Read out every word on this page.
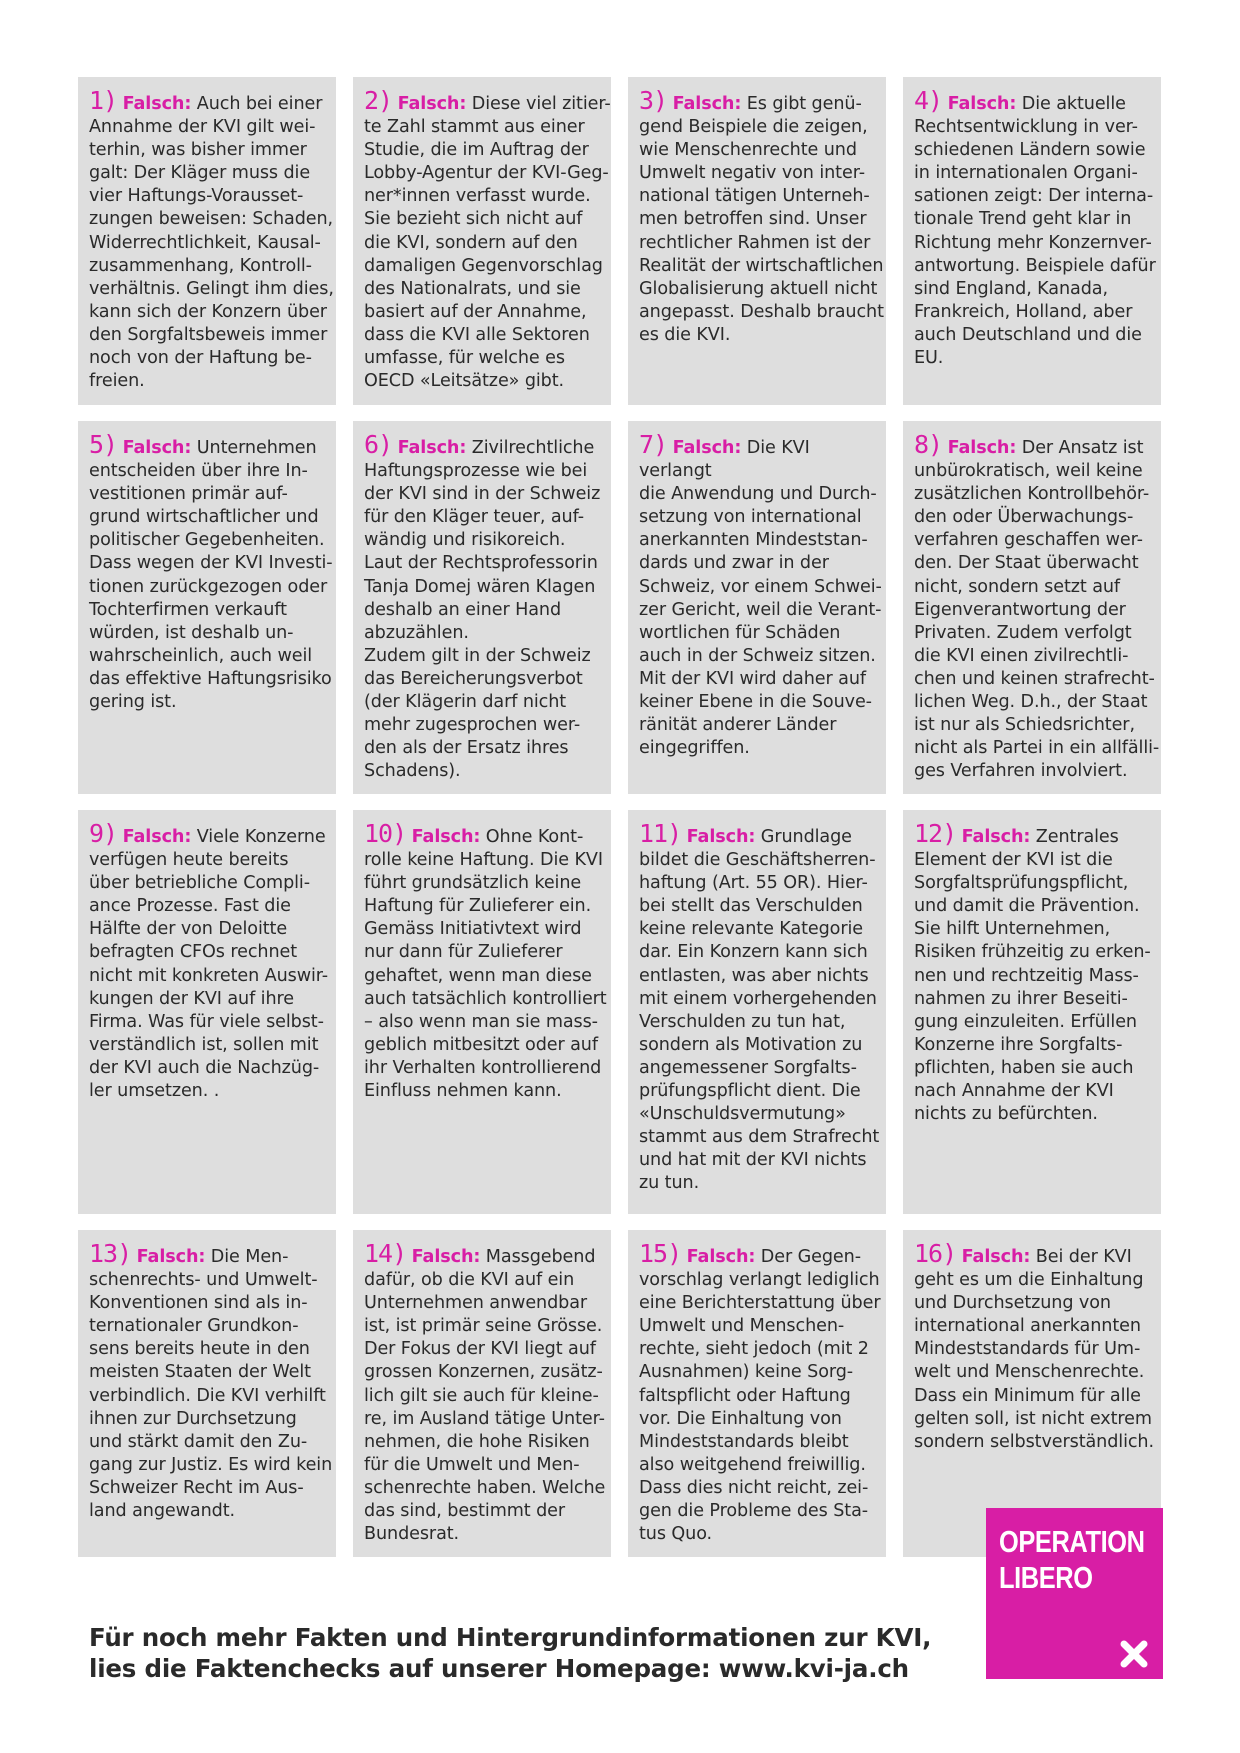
1) Falsch: Auch bei einer
Annahme der KVI gilt wei-
terhin, was bisher immer
galt: Der Kläger muss die
vier Haftungs-Vorausset-
zungen beweisen: Schaden,
Widerrechtlichkeit, Kausal-
zusammenhang, Kontroll-
verhältnis. Gelingt ihm dies,
kann sich der Konzern über
den Sorgfaltsbeweis immer
noch von der Haftung be-
freien.
2) Falsch: Diese viel zitier-
te Zahl stammt aus einer
Studie, die im Auftrag der
Lobby-Agentur der KVI-Geg-
ner*innen verfasst wurde.
Sie bezieht sich nicht auf
die KVI, sondern auf den
damaligen Gegenvorschlag
des Nationalrats, und sie
basiert auf der Annahme,
dass die KVI alle Sektoren
umfasse, für welche es
OECD «Leitsätze» gibt.
3) Falsch: Es gibt genü-
gend Beispiele die zeigen,
wie Menschenrechte und
Umwelt negativ von inter-
national tätigen Unterneh-
men betroffen sind. Unser
rechtlicher Rahmen ist der
Realität der wirtschaftlichen
Globalisierung aktuell nicht
angepasst. Deshalb braucht
es die KVI.
4) Falsch: Die aktuelle
Rechtsentwicklung in ver-
schiedenen Ländern sowie
in internationalen Organi-
sationen zeigt: Der interna-
tionale Trend geht klar in
Richtung mehr Konzernver-
antwortung. Beispiele dafür
sind England, Kanada,
Frankreich, Holland, aber
auch Deutschland und die
EU.
5) Falsch: Unternehmen
entscheiden über ihre In-
vestitionen primär auf-
grund wirtschaftlicher und
politischer Gegebenheiten.
Dass wegen der KVI Investi-
tionen zurückgezogen oder
Tochterfirmen verkauft
würden, ist deshalb un-
wahrscheinlich, auch weil
das effektive Haftungsrisiko
gering ist.
6) Falsch: Zivilrechtliche
Haftungsprozesse wie bei
der KVI sind in der Schweiz
für den Kläger teuer, auf-
wändig und risikoreich.
Laut der Rechtsprofessorin
Tanja Domej wären Klagen
deshalb an einer Hand
abzuzählen.
Zudem gilt in der Schweiz
das Bereicherungsverbot
(der Klägerin darf nicht
mehr zugesprochen wer-
den als der Ersatz ihres
Schadens).
7) Falsch: Die KVI verlangt
die Anwendung und Durch-
setzung von international
anerkannten Mindeststan-
dards und zwar in der
Schweiz, vor einem Schwei-
zer Gericht, weil die Verant-
wortlichen für Schäden
auch in der Schweiz sitzen.
Mit der KVI wird daher auf
keiner Ebene in die Souve-
ränität anderer Länder
eingegriffen.
8) Falsch: Der Ansatz ist
unbürokratisch, weil keine
zusätzlichen Kontrollbehör-
den oder Überwachungs-
verfahren geschaffen wer-
den. Der Staat überwacht
nicht, sondern setzt auf
Eigenverantwortung der
Privaten. Zudem verfolgt
die KVI einen zivilrechtli-
chen und keinen strafrecht-
lichen Weg. D.h., der Staat
ist nur als Schiedsrichter,
nicht als Partei in ein allfälli-
ges Verfahren involviert.
9) Falsch: Viele Konzerne
verfügen heute bereits
über betriebliche Compli-
ance Prozesse. Fast die
Hälfte der von Deloitte
befragten CFOs rechnet
nicht mit konkreten Auswir-
kungen der KVI auf ihre
Firma. Was für viele selbst-
verständlich ist, sollen mit
der KVI auch die Nachzüg-
ler umsetzen. .
10) Falsch: Ohne Kont-
rolle keine Haftung. Die KVI
führt grundsätzlich keine
Haftung für Zulieferer ein.
Gemäss Initiativtext wird
nur dann für Zulieferer
gehaftet, wenn man diese
auch tatsächlich kontrolliert
– also wenn man sie mass-
geblich mitbesitzt oder auf
ihr Verhalten kontrollierend
Einfluss nehmen kann.
11) Falsch: Grundlage
bildet die Geschäftsherren-
haftung (Art. 55 OR). Hier-
bei stellt das Verschulden
keine relevante Kategorie
dar. Ein Konzern kann sich
entlasten, was aber nichts
mit einem vorhergehenden
Verschulden zu tun hat,
sondern als Motivation zu
angemessener Sorgfalts-
prüfungspflicht dient. Die
«Unschuldsvermutung»
stammt aus dem Strafrecht
und hat mit der KVI nichts
zu tun.
12) Falsch: Zentrales
Element der KVI ist die
Sorgfaltsprüfungspflicht,
und damit die Prävention.
Sie hilft Unternehmen,
Risiken frühzeitig zu erken-
nen und rechtzeitig Mass-
nahmen zu ihrer Beseiti-
gung einzuleiten. Erfüllen
Konzerne ihre Sorgfalts-
pflichten, haben sie auch
nach Annahme der KVI
nichts zu befürchten.
13) Falsch: Die Men-
schenrechts- und Umwelt-
Konventionen sind als in-
ternationaler Grundkon-
sens bereits heute in den
meisten Staaten der Welt
verbindlich. Die KVI verhilft
ihnen zur Durchsetzung
und stärkt damit den Zu-
gang zur Justiz. Es wird kein
Schweizer Recht im Aus-
land angewandt.
14) Falsch: Massgebend
dafür, ob die KVI auf ein
Unternehmen anwendbar
ist, ist primär seine Grösse.
Der Fokus der KVI liegt auf
grossen Konzernen, zusätz-
lich gilt sie auch für kleine-
re, im Ausland tätige Unter-
nehmen, die hohe Risiken
für die Umwelt und Men-
schenrechte haben. Welche
das sind, bestimmt der
Bundesrat.
15) Falsch: Der Gegen-
vorschlag verlangt lediglich
eine Berichterstattung über
Umwelt und Menschen-
rechte, sieht jedoch (mit 2
Ausnahmen) keine Sorg-
faltspflicht oder Haftung
vor. Die Einhaltung von
Mindeststandards bleibt
also weitgehend freiwillig.
Dass dies nicht reicht, zei-
gen die Probleme des Sta-
tus Quo.
16) Falsch: Bei der KVI
geht es um die Einhaltung
und Durchsetzung von
international anerkannten
Mindeststandards für Um-
welt und Menschenrechte.
Dass ein Minimum für alle
gelten soll, ist nicht extrem
sondern selbstverständlich.
OPERATION
LIBERO
Für noch mehr Fakten und Hintergrundinformationen zur KVI,
lies die Faktenchecks auf unserer Homepage: www.kvi-ja.ch
